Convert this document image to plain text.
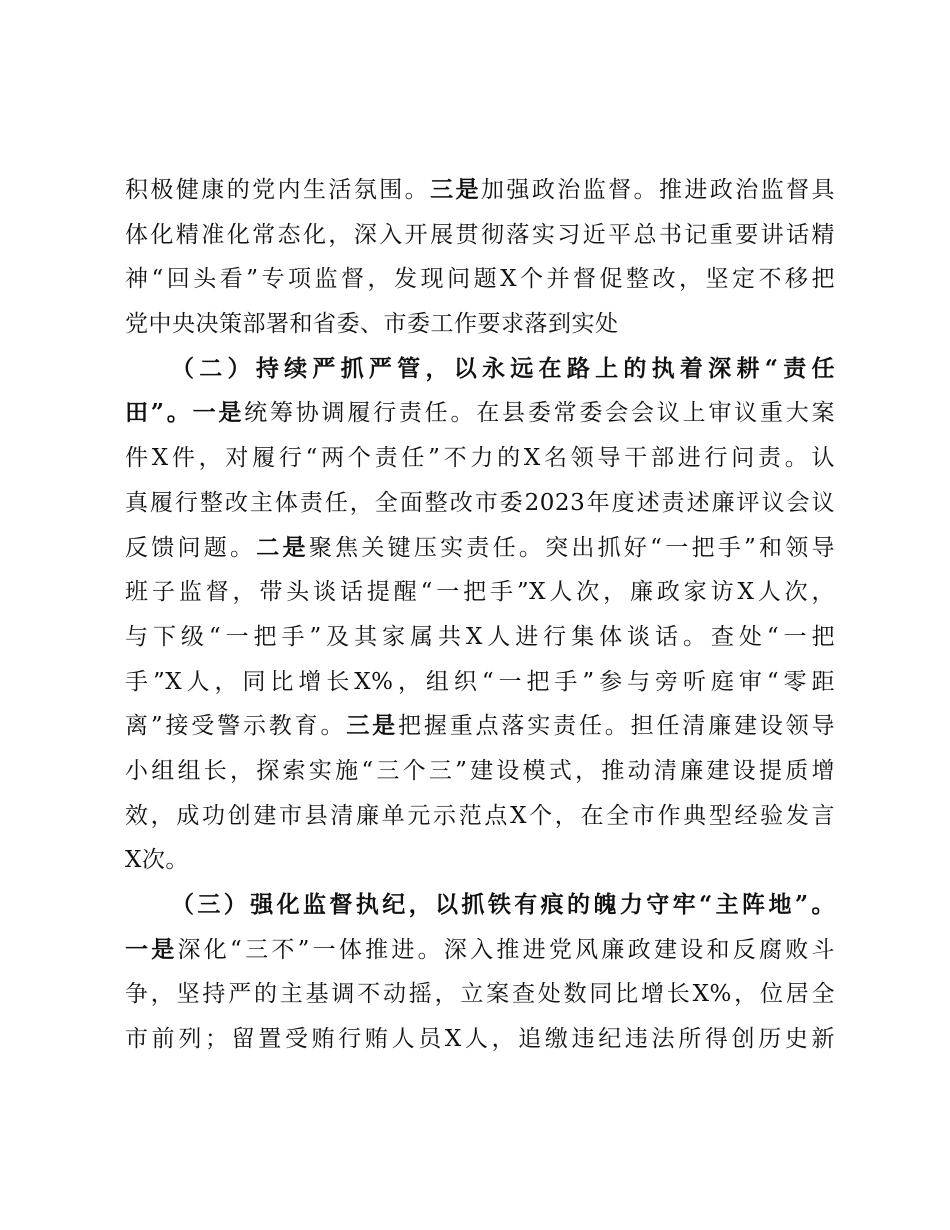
积极健康的党内生活氛围。三是加强政治监督。推进政治监督具
体化精准化常态化，深入开展贯彻落实习近平总书记重要讲话精
神“回头看”专项监督，发现问题X个并督促整改，坚定不移把
党中央决策部署和省委、市委工作要求落到实处
（二）持续严抓严管，以永远在路上的执着深耕“责任
田”。一是统筹协调履行责任。在县委常委会会议上审议重大案
件X件，对履行“两个责任”不力的X名领导干部进行问责。认
真履行整改主体责任，全面整改市委2023年度述责述廉评议会议
反馈问题。二是聚焦关键压实责任。突出抓好“一把手”和领导
班子监督，带头谈话提醒“一把手”X人次，廉政家访X人次，
与下级“一把手”及其家属共X人进行集体谈话。查处“一把
手”X人，同比增长X%，组织“一把手”参与旁听庭审“零距
离”接受警示教育。三是把握重点落实责任。担任清廉建设领导
小组组长，探索实施“三个三”建设模式，推动清廉建设提质增
效，成功创建市县清廉单元示范点X个，在全市作典型经验发言
X次。
（三）强化监督执纪，以抓铁有痕的魄力守牢“主阵地”。
一是深化“三不”一体推进。深入推进党风廉政建设和反腐败斗
争，坚持严的主基调不动摇，立案查处数同比增长X%，位居全
市前列；留置受贿行贿人员X人，追缴违纪违法所得创历史新
